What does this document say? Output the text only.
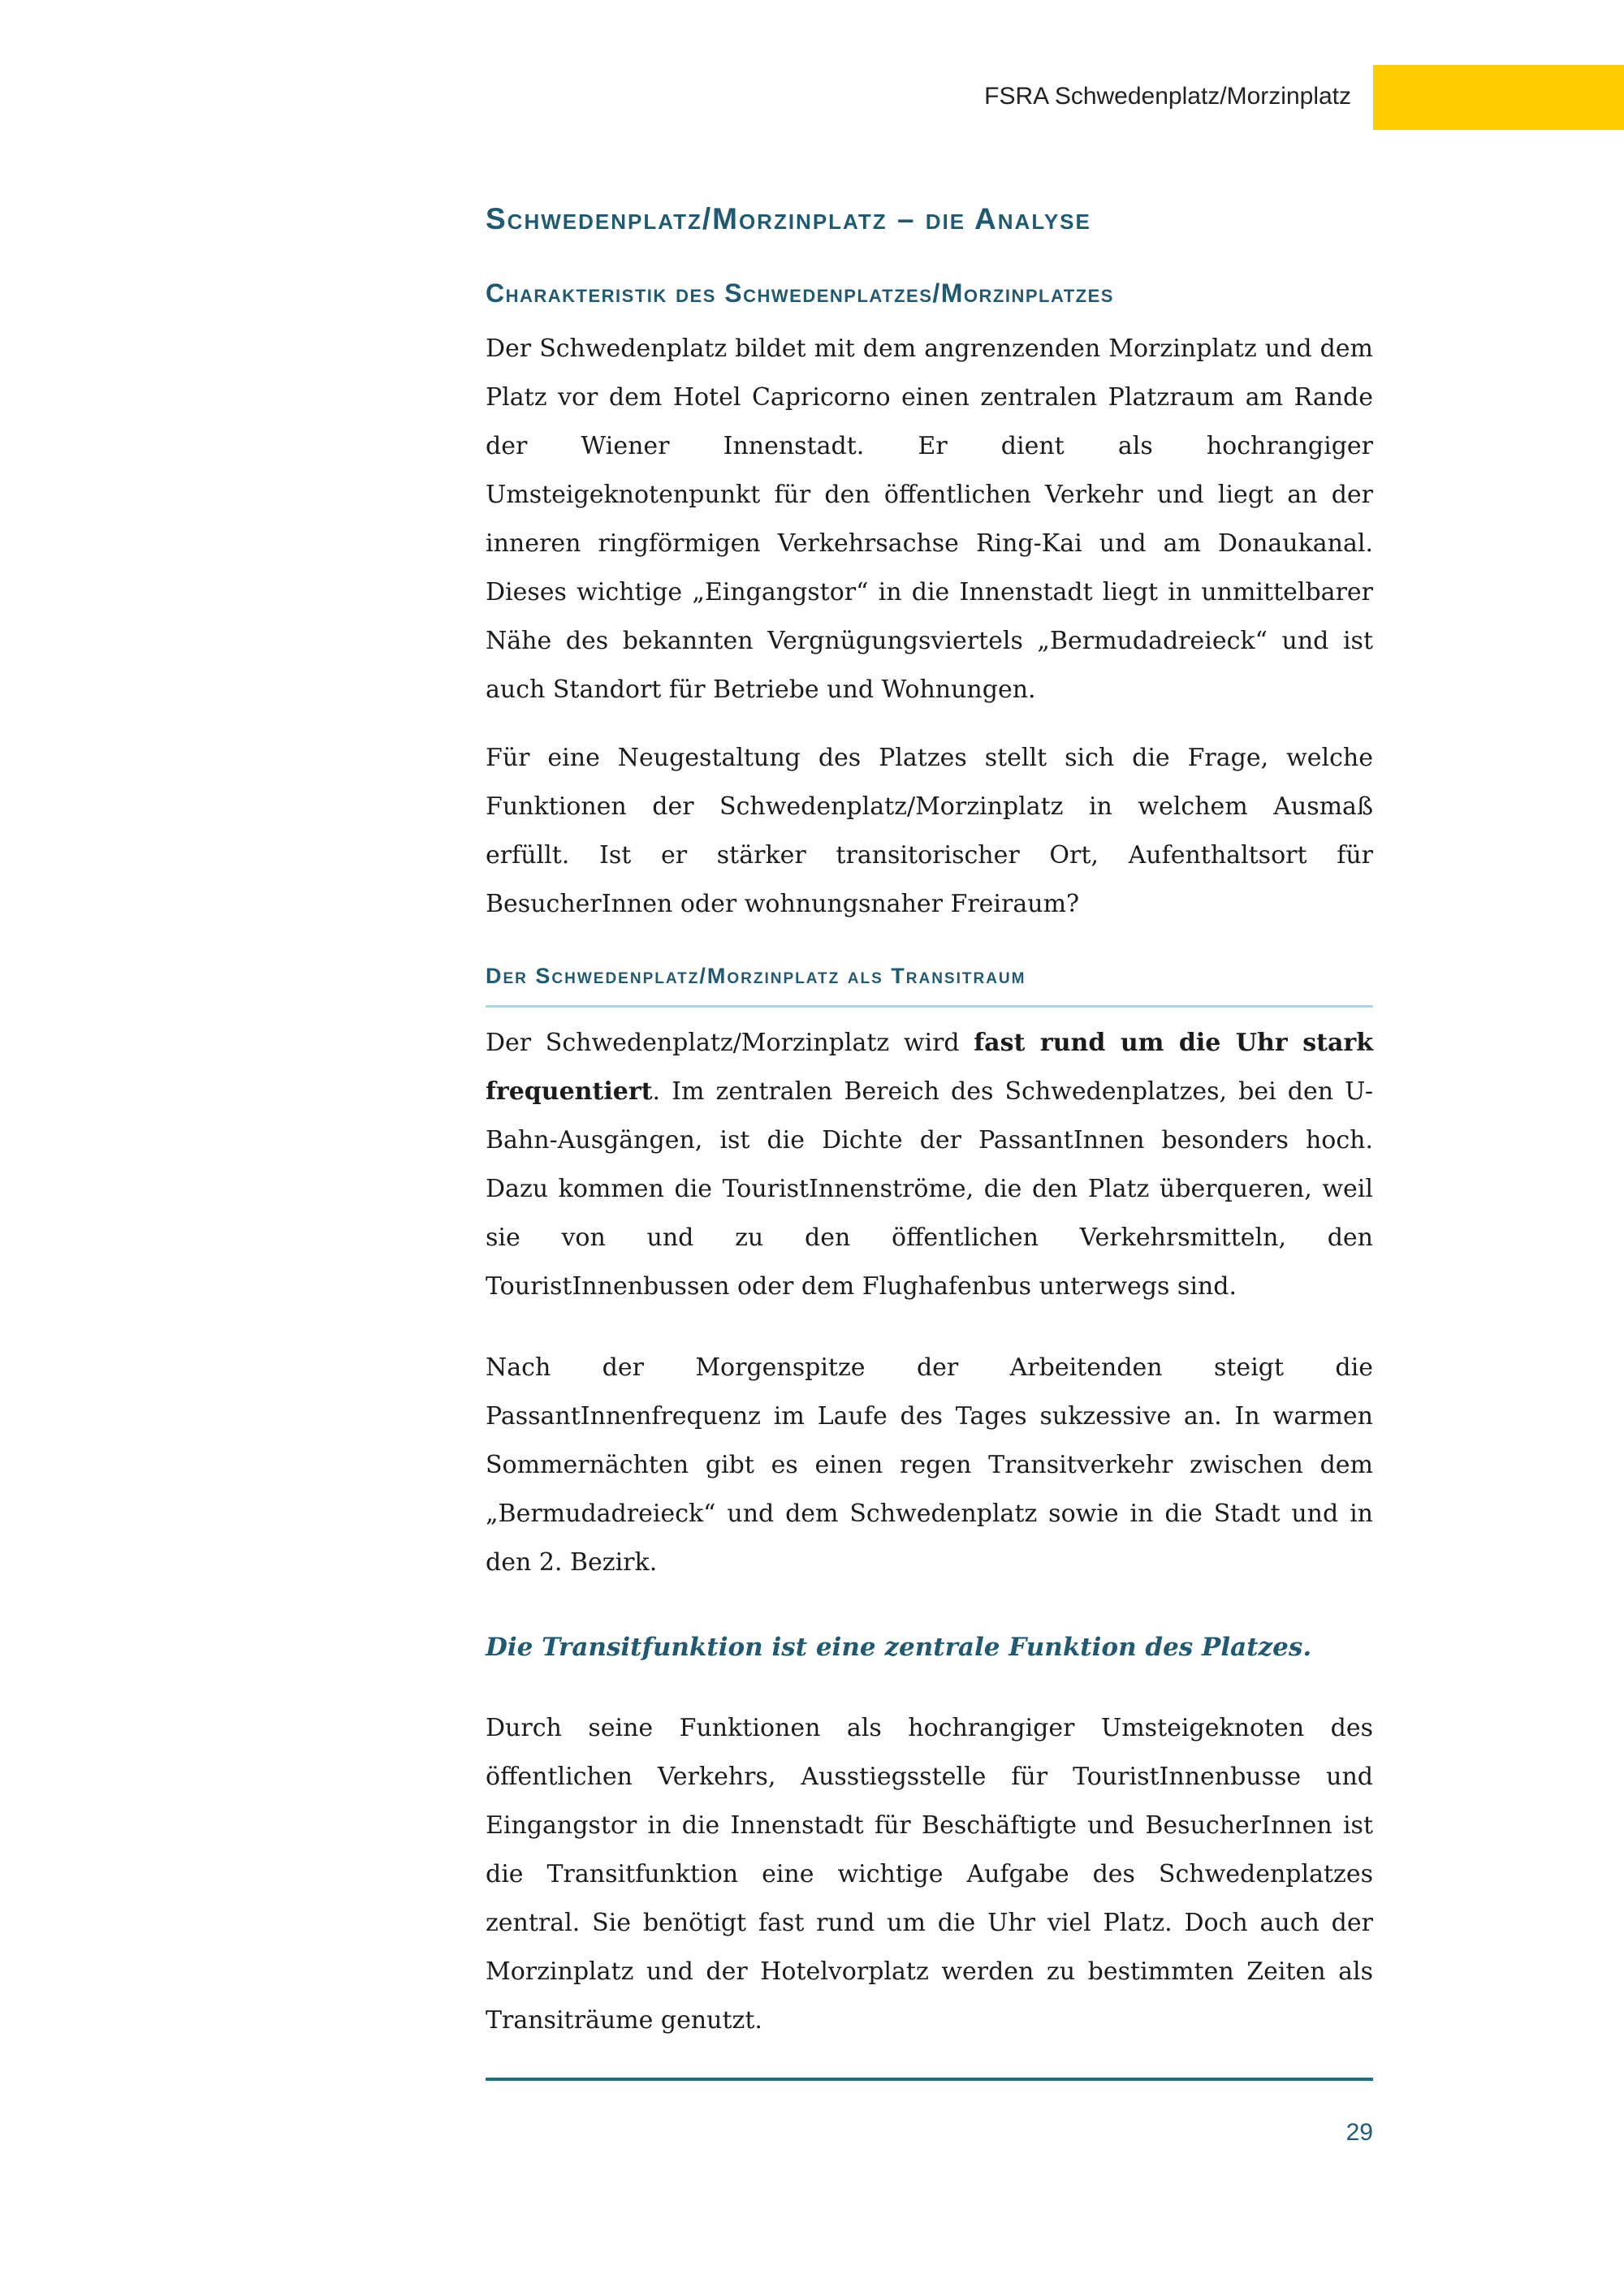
FSRA Schwedenplatz/Morzinplatz
Schwedenplatz/Morzinplatz – die Analyse
Charakteristik des Schwedenplatzes/Morzinplatzes

Der Schwedenplatz bildet mit dem angrenzenden Morzinplatz und dem Platz vor dem Hotel Capricorno einen zentralen Platzraum am Rande der Wiener Innenstadt. Er dient als hochrangiger Umsteigeknotenpunkt für den öffentlichen Verkehr und liegt an der inneren ringförmigen Verkehrsachse Ring-Kai und am Donaukanal. Dieses wichtige „Eingangstor“ in die Innenstadt liegt in unmittelbarer Nähe des bekannten Vergnügungsviertels „Bermudadreieck“ und ist auch Standort für Betriebe und Wohnungen.

Für eine Neugestaltung des Platzes stellt sich die Frage, welche Funktionen der Schwedenplatz/Morzinplatz in welchem Ausmaß erfüllt. Ist er stärker transitorischer Ort, Aufenthaltsort für BesucherInnen oder wohnungsnaher Freiraum?

Der Schwedenplatz/Morzinplatz als Transitraum

Der Schwedenplatz/Morzinplatz wird fast rund um die Uhr stark frequentiert. Im zentralen Bereich des Schwedenplatzes, bei den U-Bahn-Ausgängen, ist die Dichte der PassantInnen besonders hoch. Dazu kommen die TouristInnenströme, die den Platz überqueren, weil sie von und zu den öffentlichen Verkehrsmitteln, den TouristInnenbussen oder dem Flughafenbus unterwegs sind.

Nach der Morgenspitze der Arbeitenden steigt die PassantInnenfrequenz im Laufe des Tages sukzessive an. In warmen Sommernächten gibt es einen regen Transitverkehr zwischen dem „Bermudadreieck“ und dem Schwedenplatz sowie in die Stadt und in den 2. Bezirk.

Die Transitfunktion ist eine zentrale Funktion des Platzes.

Durch seine Funktionen als hochrangiger Umsteigeknoten des öffentlichen Verkehrs, Ausstiegsstelle für TouristInnenbusse und Eingangstor in die Innenstadt für Beschäftigte und BesucherInnen ist die Transitfunktion eine wichtige Aufgabe des Schwedenplatzes zentral. Sie benötigt fast rund um die Uhr viel Platz. Doch auch der Morzinplatz und der Hotelvorplatz werden zu bestimmten Zeiten als Transiträume genutzt.

29
